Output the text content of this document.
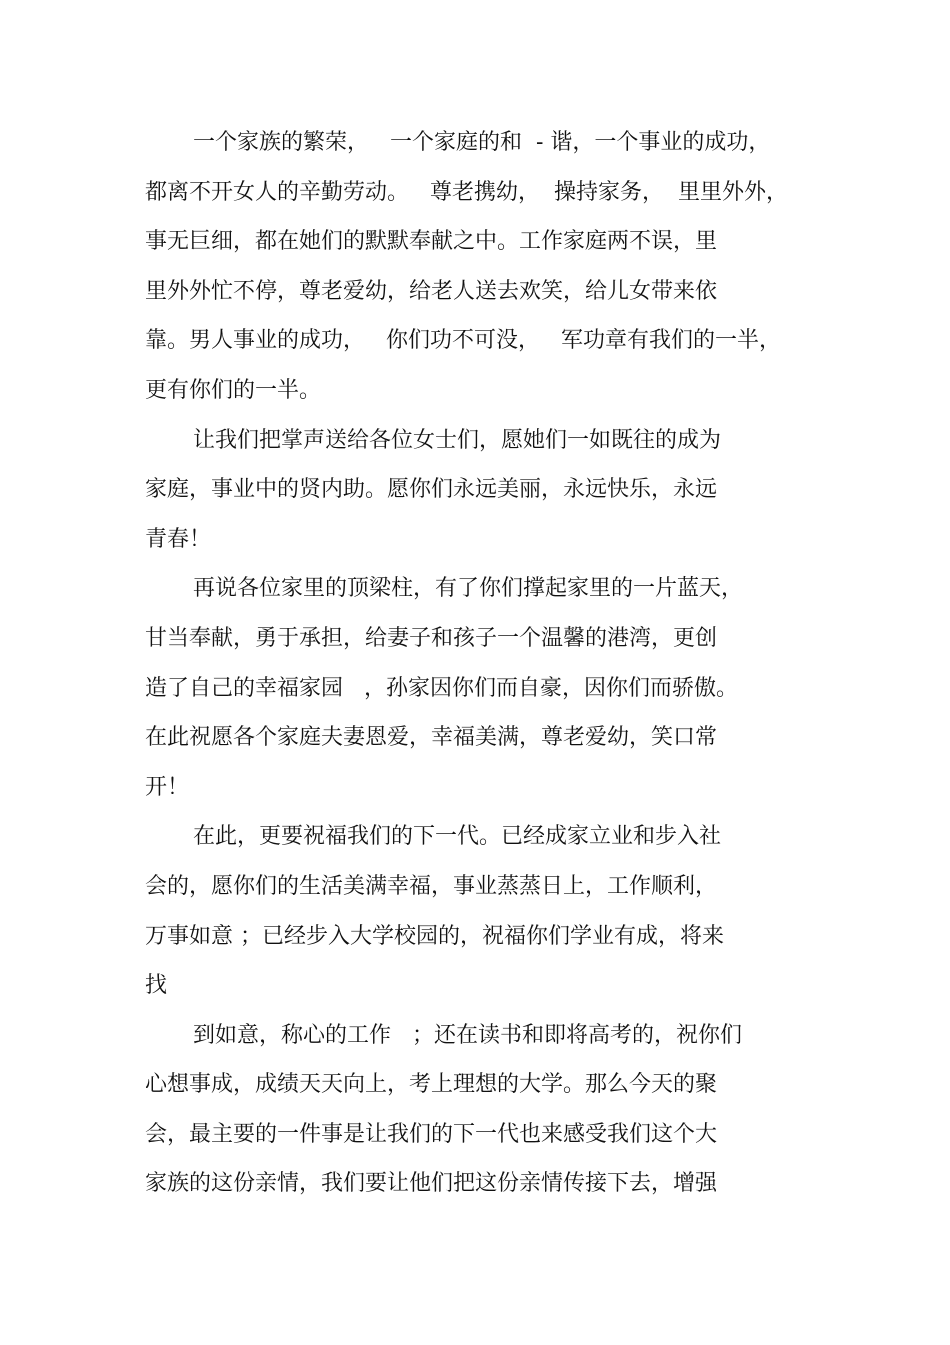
一个家族的繁荣，   一个家庭的和  - 谐，一个事业的成功，
都离不开女人的辛勤劳动。   尊老携幼，  操持家务，  里里外外，
事无巨细，都在她们的默默奉献之中。工作家庭两不误，里
里外外忙不停，尊老爱幼，给老人送去欢笑，给儿女带来依
靠。男人事业的成功，   你们功不可没，   军功章有我们的一半，
更有你们的一半。
让我们把掌声送给各位女士们，愿她们一如既往的成为
家庭，事业中的贤内助。愿你们永远美丽，永远快乐，永远
青春！
再说各位家里的顶梁柱，有了你们撑起家里的一片蓝天，
甘当奉献，勇于承担，给妻子和孩子一个温馨的港湾，更创
造了自己的幸福家园   ，孙家因你们而自豪，因你们而骄傲。
在此祝愿各个家庭夫妻恩爱，幸福美满，尊老爱幼，笑口常
开！
在此，更要祝福我们的下一代。已经成家立业和步入社
会的，愿你们的生活美满幸福，事业蒸蒸日上，工作顺利，
万事如意 ；已经步入大学校园的，祝福你们学业有成，将来
找
到如意，称心的工作   ；还在读书和即将高考的，祝你们
心想事成，成绩天天向上，考上理想的大学。那么今天的聚
会，最主要的一件事是让我们的下一代也来感受我们这个大
家族的这份亲情，我们要让他们把这份亲情传接下去，增强
